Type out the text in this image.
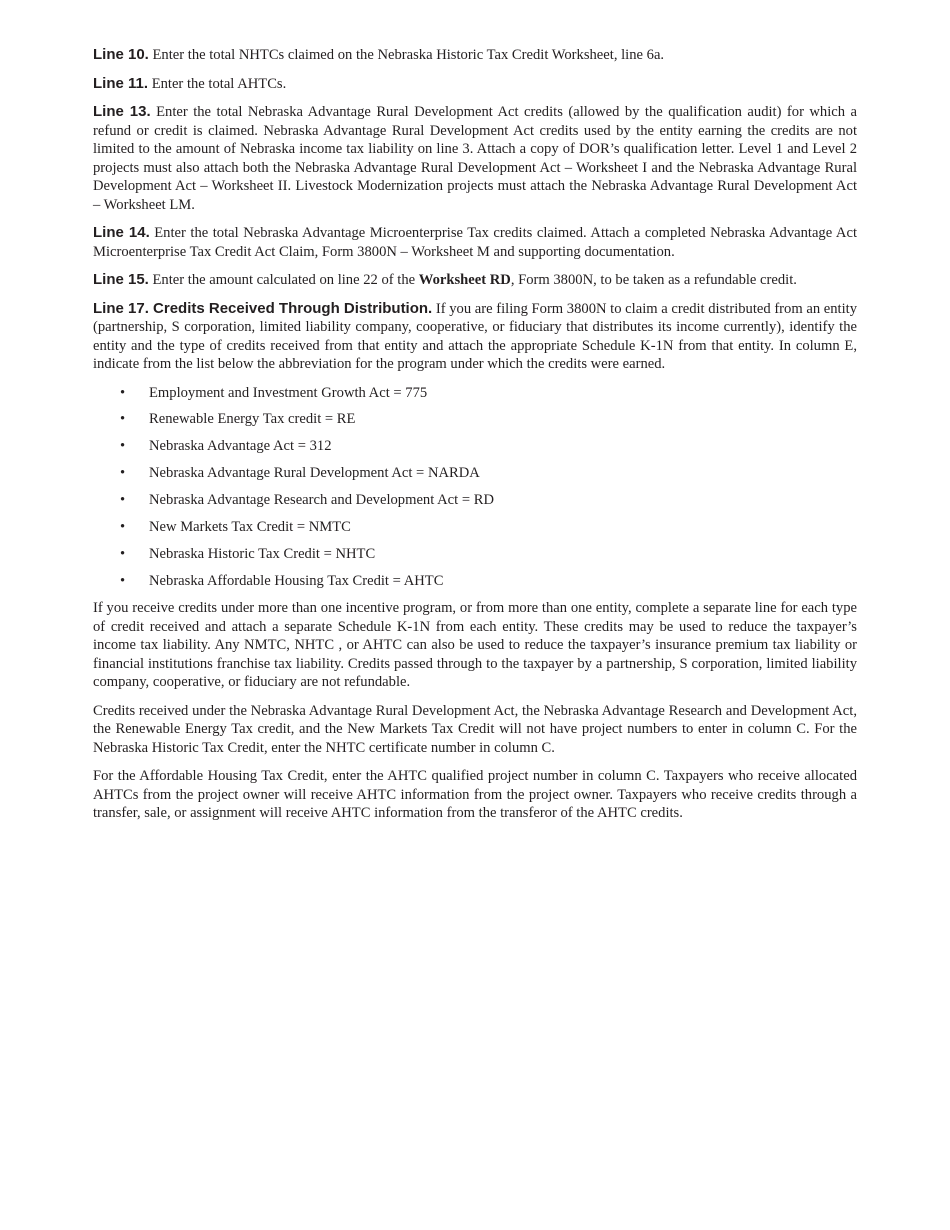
Line 10. Enter the total NHTCs claimed on the Nebraska Historic Tax Credit Worksheet, line 6a.

Line 11. Enter the total AHTCs.

Line 13. Enter the total Nebraska Advantage Rural Development Act credits (allowed by the qualification audit) for which a refund or credit is claimed. Nebraska Advantage Rural Development Act credits used by the entity earning the credits are not limited to the amount of Nebraska income tax liability on line 3. Attach a copy of DOR’s qualification letter. Level 1 and Level 2 projects must also attach both the Nebraska Advantage Rural Development Act – Worksheet I and the Nebraska Advantage Rural Development Act – Worksheet II. Livestock Modernization projects must attach the Nebraska Advantage Rural Development Act – Worksheet LM.

Line 14. Enter the total Nebraska Advantage Microenterprise Tax credits claimed. Attach a completed Nebraska Advantage Act Microenterprise Tax Credit Act Claim, Form 3800N – Worksheet M and supporting documentation.

Line 15. Enter the amount calculated on line 22 of the Worksheet RD, Form 3800N, to be taken as a refundable credit.

Line 17. Credits Received Through Distribution. If you are filing Form 3800N to claim a credit distributed from an entity (partnership, S corporation, limited liability company, cooperative, or fiduciary that distributes its income currently), identify the entity and the type of credits received from that entity and attach the appropriate Schedule K-1N from that entity. In column E, indicate from the list below the abbreviation for the program under which the credits were earned.

• Employment and Investment Growth Act = 775
• Renewable Energy Tax credit = RE
• Nebraska Advantage Act = 312
• Nebraska Advantage Rural Development Act = NARDA
• Nebraska Advantage Research and Development Act = RD
• New Markets Tax Credit = NMTC
• Nebraska Historic Tax Credit = NHTC
• Nebraska Affordable Housing Tax Credit = AHTC

If you receive credits under more than one incentive program, or from more than one entity, complete a separate line for each type of credit received and attach a separate Schedule K-1N from each entity. These credits may be used to reduce the taxpayer’s income tax liability. Any NMTC, NHTC , or AHTC can also be used to reduce the taxpayer’s insurance premium tax liability or financial institutions franchise tax liability. Credits passed through to the taxpayer by a partnership, S corporation, limited liability company, cooperative, or fiduciary are not refundable.

Credits received under the Nebraska Advantage Rural Development Act, the Nebraska Advantage Research and Development Act, the Renewable Energy Tax credit, and the New Markets Tax Credit will not have project numbers to enter in column C. For the Nebraska Historic Tax Credit, enter the NHTC certificate number in column C.

For the Affordable Housing Tax Credit, enter the AHTC qualified project number in column C. Taxpayers who receive allocated AHTCs from the project owner will receive AHTC information from the project owner. Taxpayers who receive credits through a transfer, sale, or assignment will receive AHTC information from the transferor of the AHTC credits.
